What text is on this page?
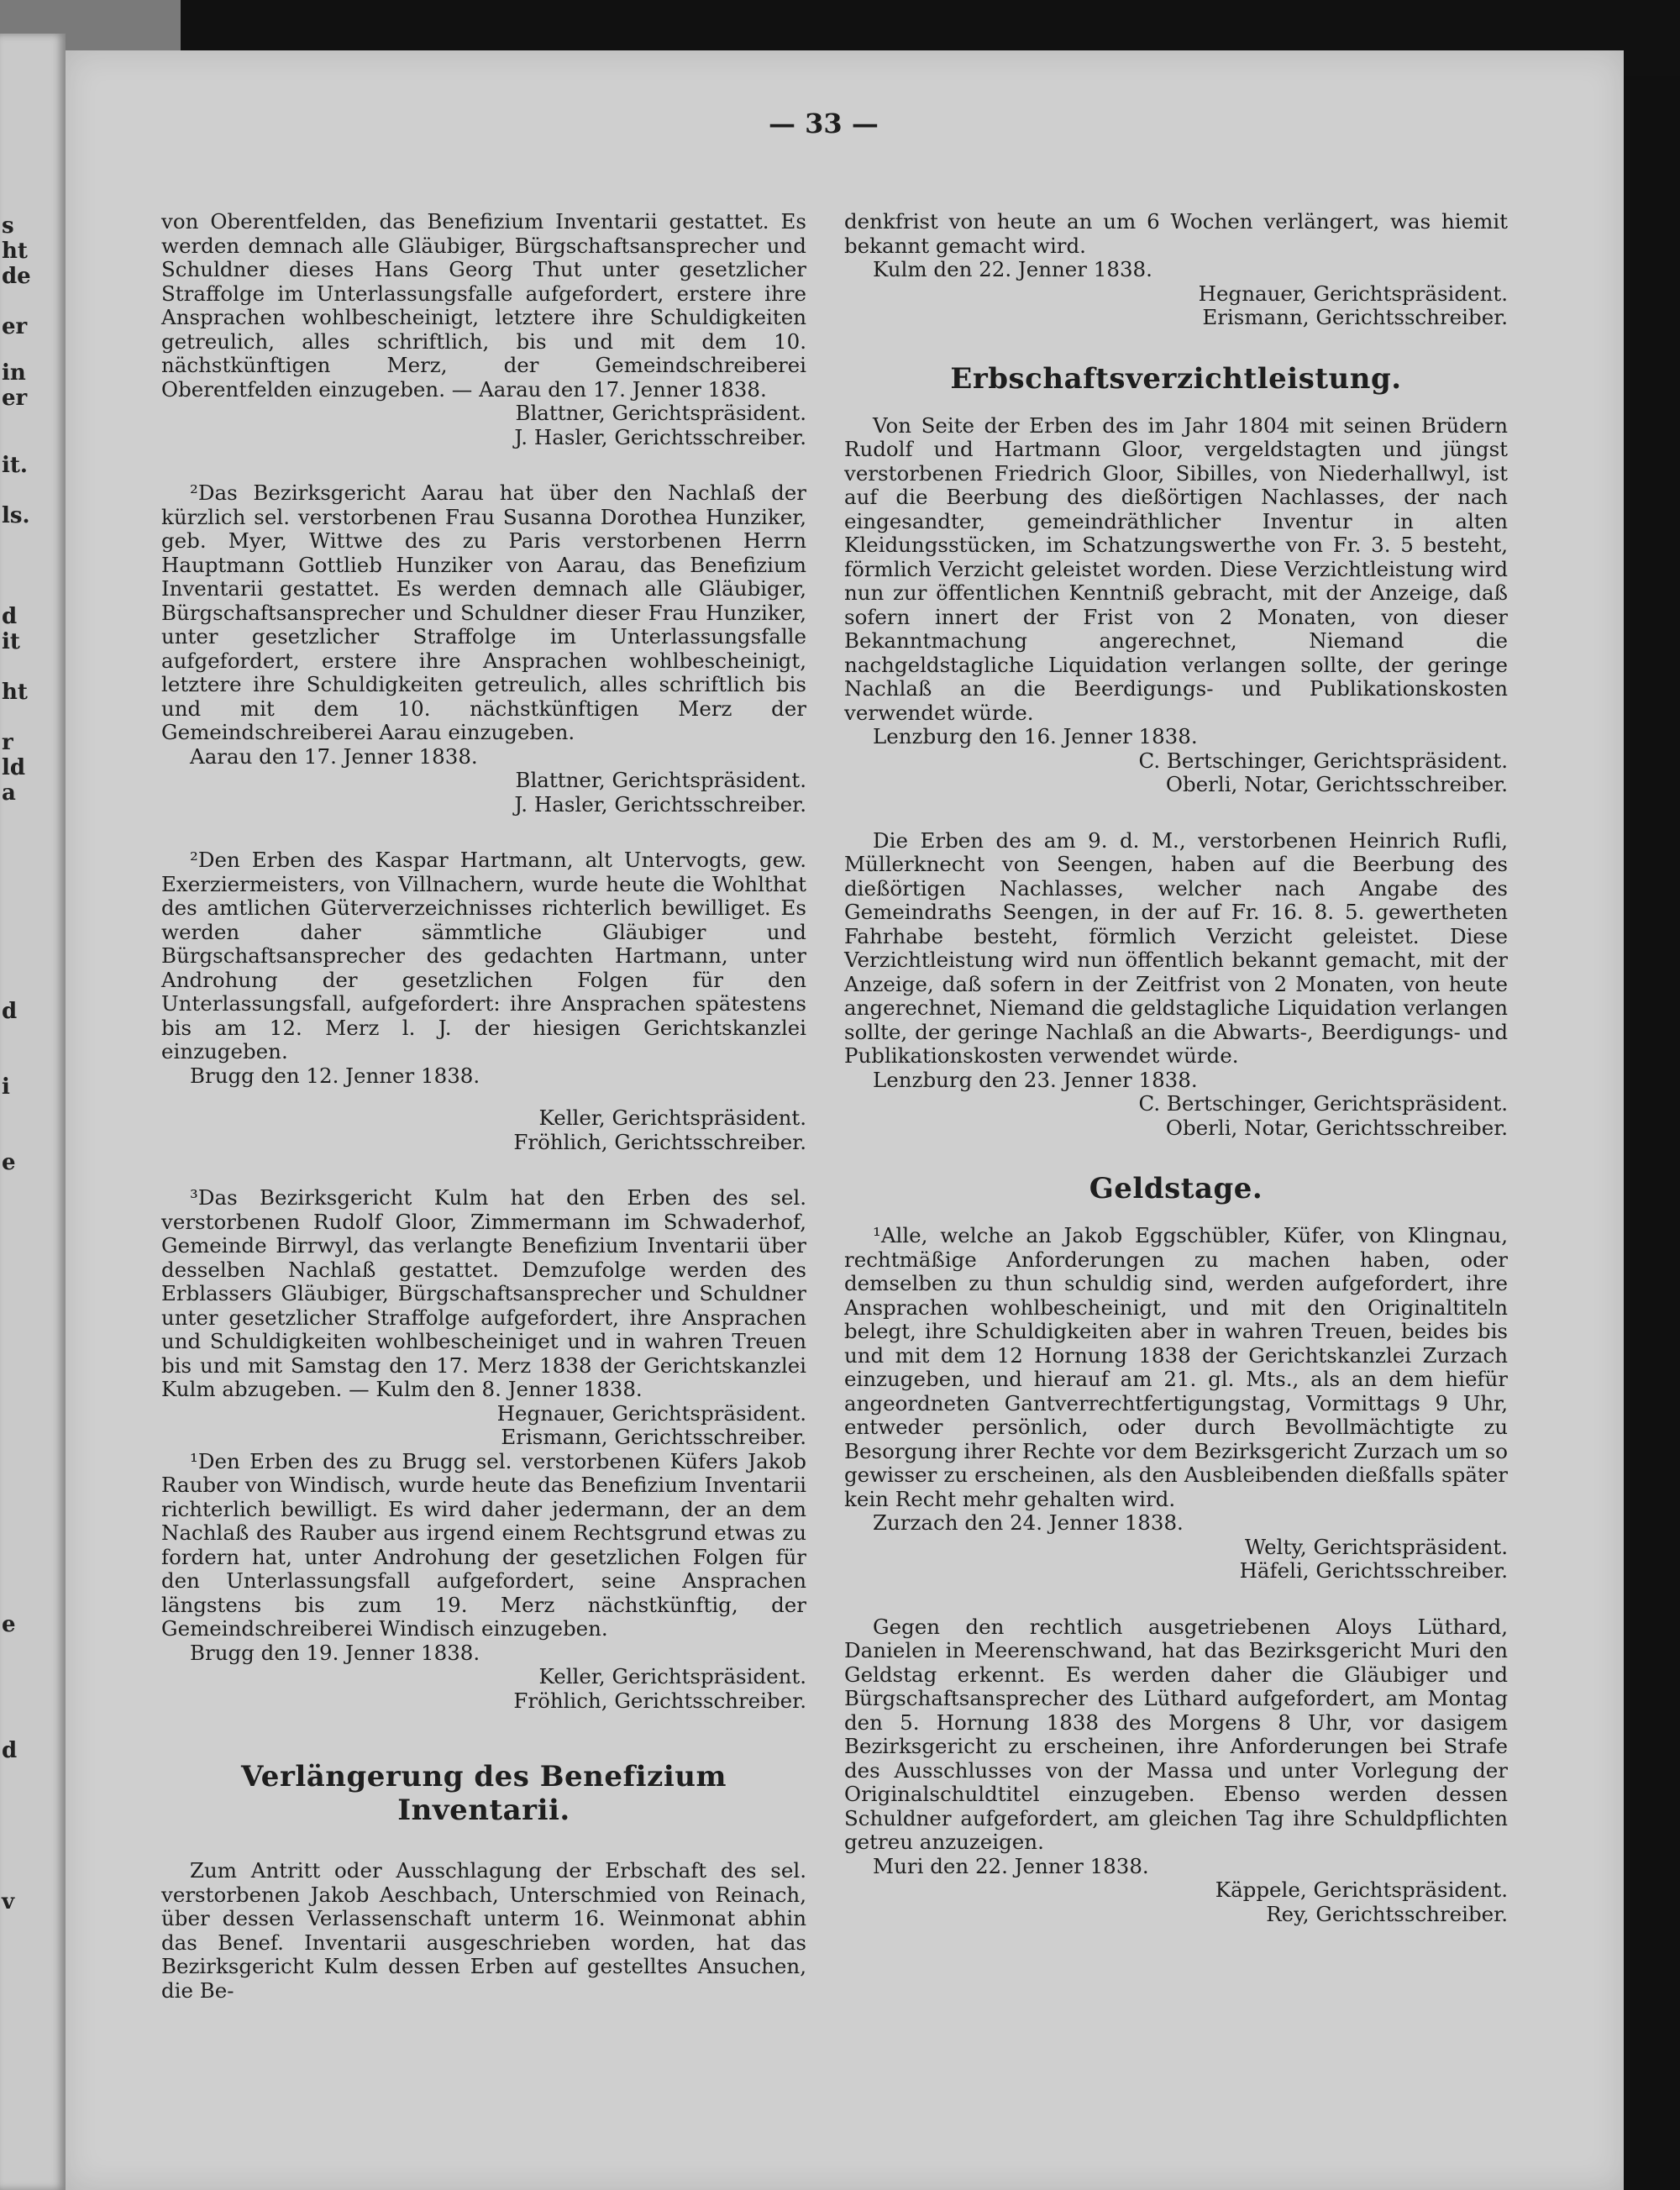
s
ht
de
er
in
er
it.
ls.
d
it
ht
r
ld
a
d
i
e
e
d
v
— 33 —

von Oberentfelden, das Benefizium Inventarii gestattet. Es werden demnach alle Gläubiger, Bürgschaftsansprecher und Schuldner dieses Hans Georg Thut unter gesetzlicher Straffolge im Unterlassungsfalle aufgefordert, erstere ihre Ansprachen wohlbescheinigt, letztere ihre Schuldigkeiten getreulich, alles schriftlich, bis und mit dem 10. nächstkünftigen Merz, der Gemeindschreiberei Oberentfelden einzugeben. — Aarau den 17. Jenner 1838.

Blattner, Gerichtspräsident.

J. Hasler, Gerichtsschreiber.

²Das Bezirksgericht Aarau hat über den Nachlaß der kürzlich sel. verstorbenen Frau Susanna Dorothea Hunziker, geb. Myer, Wittwe des zu Paris verstorbenen Herrn Hauptmann Gottlieb Hunziker von Aarau, das Benefizium Inventarii gestattet. Es werden demnach alle Gläubiger, Bürgschaftsansprecher und Schuldner dieser Frau Hunziker, unter gesetzlicher Straffolge im Unterlassungsfalle aufgefordert, erstere ihre Ansprachen wohlbescheinigt, letztere ihre Schuldigkeiten getreulich, alles schriftlich bis und mit dem 10. nächstkünftigen Merz der Gemeindschreiberei Aarau einzugeben.

Aarau den 17. Jenner 1838.

Blattner, Gerichtspräsident.

J. Hasler, Gerichtsschreiber.

²Den Erben des Kaspar Hartmann, alt Untervogts, gew. Exerziermeisters, von Villnachern, wurde heute die Wohlthat des amtlichen Güterverzeichnisses richterlich bewilliget. Es werden daher sämmtliche Gläubiger und Bürgschaftsansprecher des gedachten Hartmann, unter Androhung der gesetzlichen Folgen für den Unterlassungsfall, aufgefordert: ihre Ansprachen spätestens bis am 12. Merz l. J. der hiesigen Gerichtskanzlei einzugeben.

Brugg den 12. Jenner 1838.

Keller, Gerichtspräsident.

Fröhlich, Gerichtsschreiber.

³Das Bezirksgericht Kulm hat den Erben des sel. verstorbenen Rudolf Gloor, Zimmermann im Schwaderhof, Gemeinde Birrwyl, das verlangte Benefizium Inventarii über desselben Nachlaß gestattet. Demzufolge werden des Erblassers Gläubiger, Bürgschaftsansprecher und Schuldner unter gesetzlicher Straffolge aufgefordert, ihre Ansprachen und Schuldigkeiten wohlbescheiniget und in wahren Treuen bis und mit Samstag den 17. Merz 1838 der Gerichtskanzlei Kulm abzugeben. — Kulm den 8. Jenner 1838.

Hegnauer, Gerichtspräsident.

Erismann, Gerichtsschreiber.

¹Den Erben des zu Brugg sel. verstorbenen Küfers Jakob Rauber von Windisch, wurde heute das Benefizium Inventarii richterlich bewilligt. Es wird daher jedermann, der an dem Nachlaß des Rauber aus irgend einem Rechtsgrund etwas zu fordern hat, unter Androhung der gesetzlichen Folgen für den Unterlassungsfall aufgefordert, seine Ansprachen längstens bis zum 19. Merz nächstkünftig, der Gemeindschreiberei Windisch einzugeben.

Brugg den 19. Jenner 1838.

Keller, Gerichtspräsident.

Fröhlich, Gerichtsschreiber.

Verlängerung des Benefizium Inventarii.

Zum Antritt oder Ausschlagung der Erbschaft des sel. verstorbenen Jakob Aeschbach, Unterschmied von Reinach, über dessen Verlassenschaft unterm 16. Weinmonat abhin das Benef. Inventarii ausgeschrieben worden, hat das Bezirksgericht Kulm dessen Erben auf gestelltes Ansuchen, die Be-

denkfrist von heute an um 6 Wochen verlängert, was hiemit bekannt gemacht wird.

Kulm den 22. Jenner 1838.

Hegnauer, Gerichtspräsident.

Erismann, Gerichtsschreiber.

Erbschaftsverzichtleistung.

Von Seite der Erben des im Jahr 1804 mit seinen Brüdern Rudolf und Hartmann Gloor, vergeldstagten und jüngst verstorbenen Friedrich Gloor, Sibilles, von Niederhallwyl, ist auf die Beerbung des dießörtigen Nachlasses, der nach eingesandter, gemeindräthlicher Inventur in alten Kleidungsstücken, im Schatzungswerthe von Fr. 3. 5 besteht, förmlich Verzicht geleistet worden. Diese Verzichtleistung wird nun zur öffentlichen Kenntniß gebracht, mit der Anzeige, daß sofern innert der Frist von 2 Monaten, von dieser Bekanntmachung angerechnet, Niemand die nachgeldstagliche Liquidation verlangen sollte, der geringe Nachlaß an die Beerdigungs- und Publikationskosten verwendet würde.

Lenzburg den 16. Jenner 1838.

C. Bertschinger, Gerichtspräsident.

Oberli, Notar, Gerichtsschreiber.

Die Erben des am 9. d. M., verstorbenen Heinrich Rufli, Müllerknecht von Seengen, haben auf die Beerbung des dießörtigen Nachlasses, welcher nach Angabe des Gemeindraths Seengen, in der auf Fr. 16. 8. 5. gewertheten Fahrhabe besteht, förmlich Verzicht geleistet. Diese Verzichtleistung wird nun öffentlich bekannt gemacht, mit der Anzeige, daß sofern in der Zeitfrist von 2 Monaten, von heute angerechnet, Niemand die geldstagliche Liquidation verlangen sollte, der geringe Nachlaß an die Abwarts-, Beerdigungs- und Publikationskosten verwendet würde.

Lenzburg den 23. Jenner 1838.

C. Bertschinger, Gerichtspräsident.

Oberli, Notar, Gerichtsschreiber.

Geldstage.

¹Alle, welche an Jakob Eggschübler, Küfer, von Klingnau, rechtmäßige Anforderungen zu machen haben, oder demselben zu thun schuldig sind, werden aufgefordert, ihre Ansprachen wohlbescheinigt, und mit den Originaltiteln belegt, ihre Schuldigkeiten aber in wahren Treuen, beides bis und mit dem 12 Hornung 1838 der Gerichtskanzlei Zurzach einzugeben, und hierauf am 21. gl. Mts., als an dem hiefür angeordneten Gantverrechtfertigungstag, Vormittags 9 Uhr, entweder persönlich, oder durch Bevollmächtigte zu Besorgung ihrer Rechte vor dem Bezirksgericht Zurzach um so gewisser zu erscheinen, als den Ausbleibenden dießfalls später kein Recht mehr gehalten wird.

Zurzach den 24. Jenner 1838.

Welty, Gerichtspräsident.

Häfeli, Gerichtsschreiber.

Gegen den rechtlich ausgetriebenen Aloys Lüthard, Danielen in Meerenschwand, hat das Bezirksgericht Muri den Geldstag erkennt. Es werden daher die Gläubiger und Bürgschaftsansprecher des Lüthard aufgefordert, am Montag den 5. Hornung 1838 des Morgens 8 Uhr, vor dasigem Bezirksgericht zu erscheinen, ihre Anforderungen bei Strafe des Ausschlusses von der Massa und unter Vorlegung der Originalschuldtitel einzugeben. Ebenso werden dessen Schuldner aufgefordert, am gleichen Tag ihre Schuldpflichten getreu anzuzeigen.

Muri den 22. Jenner 1838.

Käppele, Gerichtspräsident.

Rey, Gerichtsschreiber.
